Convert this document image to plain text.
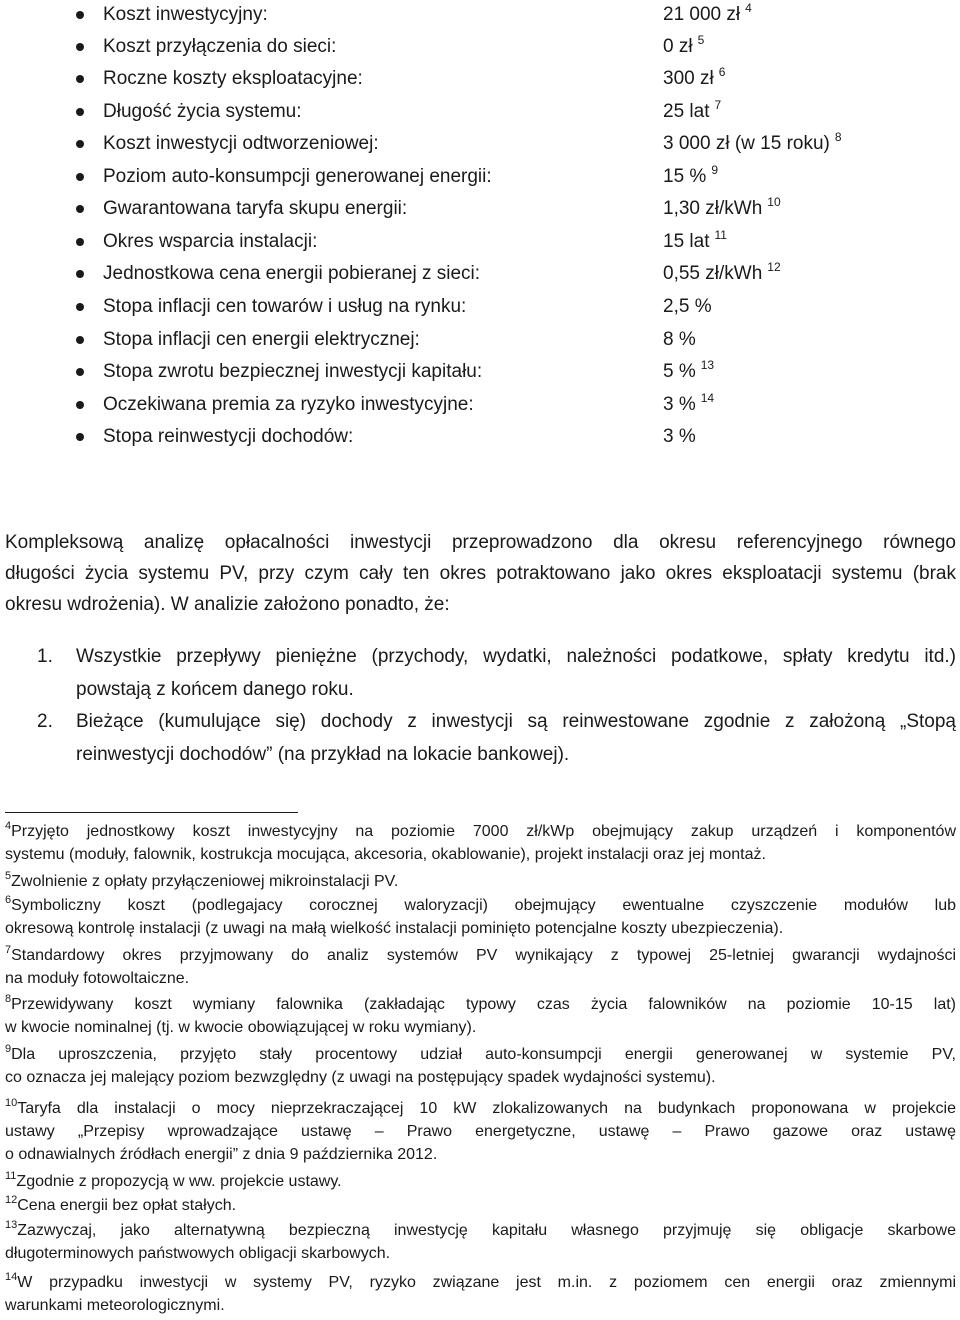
Koszt inwestycyjny:	21 000 zł $^4$
Koszt przyłączenia do sieci:	0 zł $^5$
Roczne koszty eksploatacyjne:	300 zł $^6$
Długość życia systemu:	25 lat $^7$
Koszt inwestycji odtworzeniowej:	3 000 zł (w 15 roku) $^8$
Poziom auto-konsumpcji generowanej energii:	15 % $^9$
Gwarantowana taryfa skupu energii:	1,30 zł/kWh $^{10}$
Okres wsparcia instalacji:	15 lat $^{11}$
Jednostkowa cena energii pobieranej z sieci:	0,55 zł/kWh $^{12}$
Stopa inflacji cen towarów i usług na rynku:	2,5 %
Stopa inflacji cen energii elektrycznej:	8 %
Stopa zwrotu bezpiecznej inwestycji kapitału:	5 % $^{13}$
Oczekiwana premia za ryzyko inwestycyjne:	3 % $^{14}$
Stopa reinwestycji dochodów:	3 %

Kompleksową analizę opłacalności inwestycji przeprowadzono dla okresu referencyjnego równego
długości życia systemu PV, przy czym cały ten okres potraktowano jako okres eksploatacji systemu (brak
okresu wdrożenia). W analizie założono ponadto, że:

1. Wszystkie przepływy pieniężne (przychody, wydatki, należności podatkowe, spłaty kredytu itd.)
powstają z końcem danego roku.
2. Bieżące (kumulujące się) dochody z inwestycji są reinwestowane zgodnie z założoną „Stopą
reinwestycji dochodów” (na przykład na lokacie bankowej).
$^4$Przyjęto jednostkowy koszt inwestycyjny na poziomie 7000 zł/kWp obejmujący zakup urządzeń i komponentów
systemu (moduły, falownik, kostrukcja mocująca, akcesoria, okablowanie), projekt instalacji oraz jej montaż.
$^5$Zwolnienie z opłaty przyłączeniowej mikroinstalacji PV.
$^6$Symboliczny koszt (podlegajacy corocznej waloryzacji) obejmujący ewentualne czyszczenie modułów lub
okresową kontrolę instalacji (z uwagi na małą wielkość instalacji pominięto potencjalne koszty ubezpieczenia).
$^7$Standardowy okres przyjmowany do analiz systemów PV wynikający z typowej 25-letniej gwarancji wydajności
na moduły fotowoltaiczne.
$^8$Przewidywany koszt wymiany falownika (zakładając typowy czas życia falowników na poziomie 10-15 lat)
w kwocie nominalnej (tj. w kwocie obowiązującej w roku wymiany).
$^9$Dla uproszczenia, przyjęto stały procentowy udział auto-konsumpcji energii generowanej w systemie PV,
co oznacza jej malejący poziom bezwzględny (z uwagi na postępujący spadek wydajności systemu).
$^{10}$Taryfa dla instalacji o mocy nieprzekraczającej 10 kW zlokalizowanych na budynkach proponowana w projekcie
ustawy „Przepisy wprowadzające ustawę – Prawo energetyczne, ustawę – Prawo gazowe oraz ustawę
o odnawialnych źródłach energii” z dnia 9 października 2012.
$^{11}$Zgodnie z propozycją w ww. projekcie ustawy.
$^{12}$Cena energii bez opłat stałych.
$^{13}$Zazwyczaj, jako alternatywną bezpieczną inwestycję kapitału własnego przyjmuję się obligacje skarbowe
długoterminowych państwowych obligacji skarbowych.
$^{14}$W przypadku inwestycji w systemy PV, ryzyko związane jest m.in. z poziomem cen energii oraz zmiennymi
warunkami meteorologicznymi.
